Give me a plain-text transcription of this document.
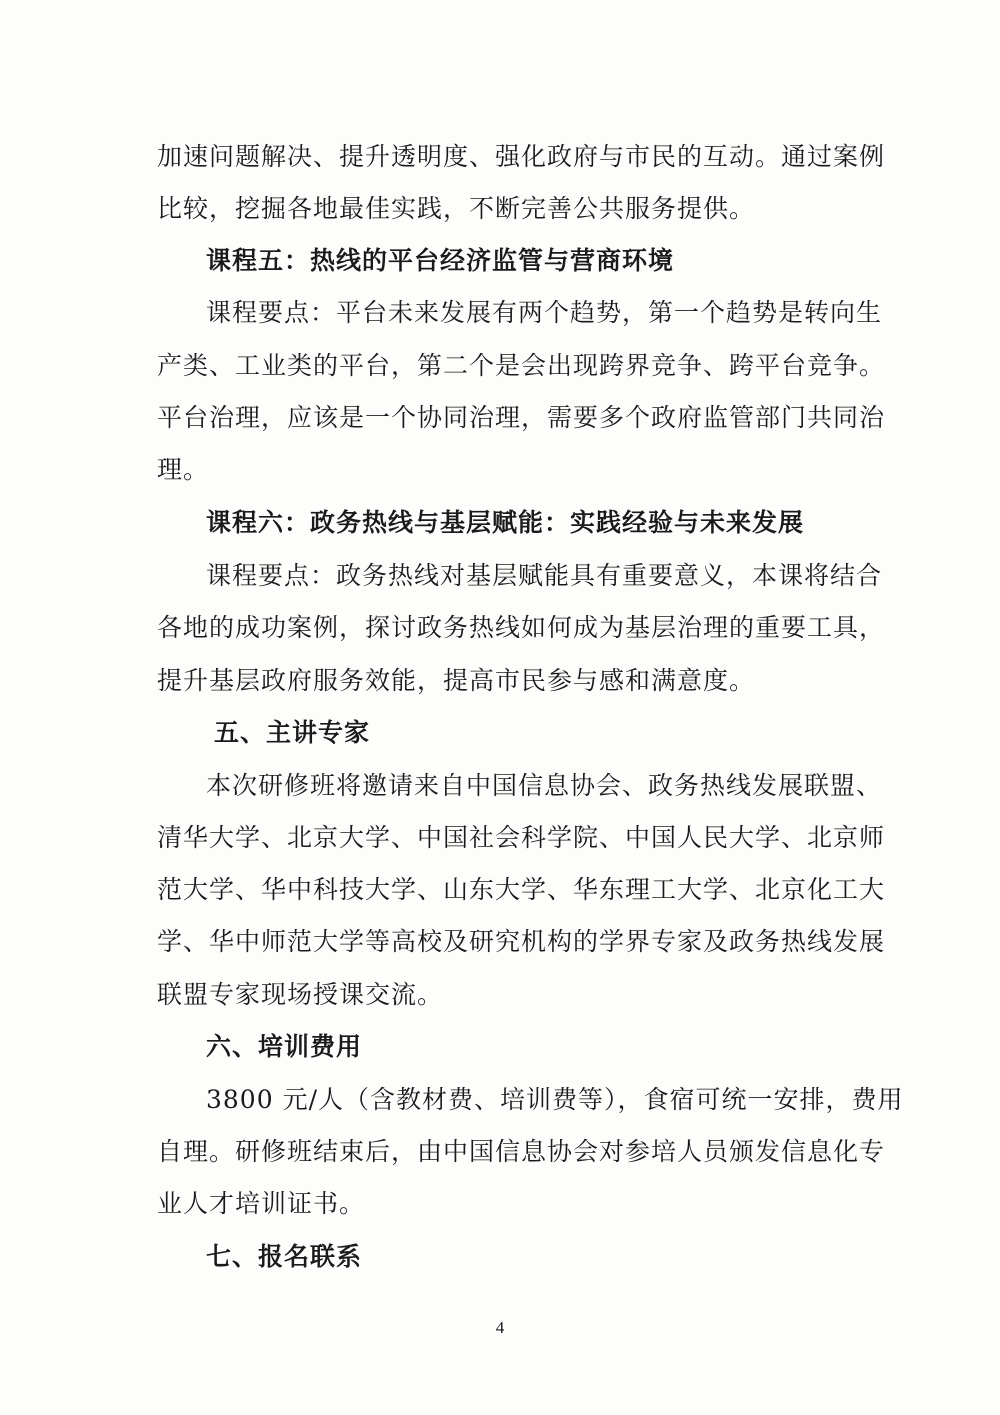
加速问题解决、提升透明度、强化政府与市民的互动。通过案例
比较，挖掘各地最佳实践，不断完善公共服务提供。
课程五：热线的平台经济监管与营商环境
课程要点：平台未来发展有两个趋势，第一个趋势是转向生
产类、工业类的平台，第二个是会出现跨界竞争、跨平台竞争。
平台治理，应该是一个协同治理，需要多个政府监管部门共同治
理。
课程六：政务热线与基层赋能：实践经验与未来发展
课程要点：政务热线对基层赋能具有重要意义，本课将结合
各地的成功案例，探讨政务热线如何成为基层治理的重要工具，
提升基层政府服务效能，提高市民参与感和满意度。
五、主讲专家
本次研修班将邀请来自中国信息协会、政务热线发展联盟、
清华大学、北京大学、中国社会科学院、中国人民大学、北京师
范大学、华中科技大学、山东大学、华东理工大学、北京化工大
学、华中师范大学等高校及研究机构的学界专家及政务热线发展
联盟专家现场授课交流。
六、培训费用
3800 元/人（含教材费、培训费等），食宿可统一安排，费用
自理。研修班结束后，由中国信息协会对参培人员颁发信息化专
业人才培训证书。
七、报名联系
4
